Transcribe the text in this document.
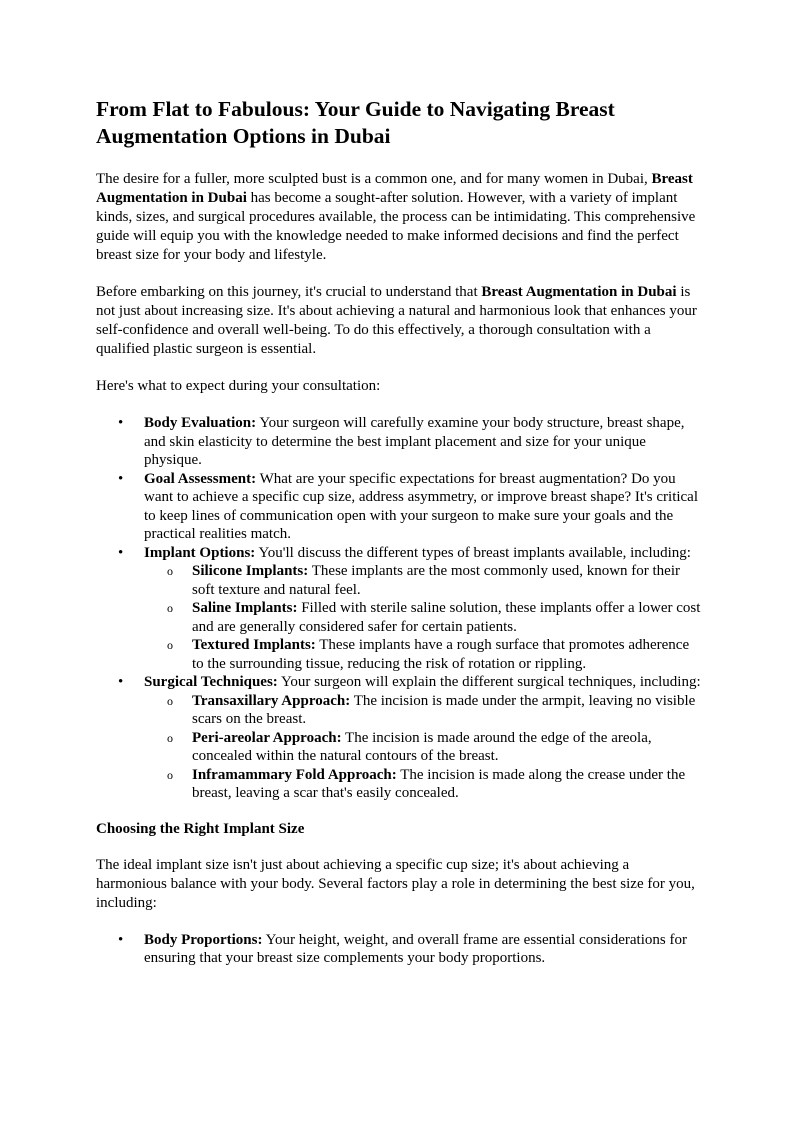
From Flat to Fabulous: Your Guide to Navigating Breast Augmentation Options in Dubai

The desire for a fuller, more sculpted bust is a common one, and for many women in Dubai, Breast Augmentation in Dubai has become a sought-after solution. However, with a variety of implant kinds, sizes, and surgical procedures available, the process can be intimidating. This comprehensive guide will equip you with the knowledge needed to make informed decisions and find the perfect breast size for your body and lifestyle.

Before embarking on this journey, it's crucial to understand that Breast Augmentation in Dubai is not just about increasing size. It's about achieving a natural and harmonious look that enhances your self-confidence and overall well-being. To do this effectively, a thorough consultation with a qualified plastic surgeon is essential.

Here's what to expect during your consultation:

• Body Evaluation: Your surgeon will carefully examine your body structure, breast shape, and skin elasticity to determine the best implant placement and size for your unique physique.
• Goal Assessment: What are your specific expectations for breast augmentation? Do you want to achieve a specific cup size, address asymmetry, or improve breast shape? It's critical to keep lines of communication open with your surgeon to make sure your goals and the practical realities match.
• Implant Options: You'll discuss the different types of breast implants available, including:
o Silicone Implants: These implants are the most commonly used, known for their soft texture and natural feel.
o Saline Implants: Filled with sterile saline solution, these implants offer a lower cost and are generally considered safer for certain patients.
o Textured Implants: These implants have a rough surface that promotes adherence to the surrounding tissue, reducing the risk of rotation or rippling.
• Surgical Techniques: Your surgeon will explain the different surgical techniques, including:
o Transaxillary Approach: The incision is made under the armpit, leaving no visible scars on the breast.
o Peri-areolar Approach: The incision is made around the edge of the areola, concealed within the natural contours of the breast.
o Inframammary Fold Approach: The incision is made along the crease under the breast, leaving a scar that's easily concealed.
Choosing the Right Implant Size

The ideal implant size isn't just about achieving a specific cup size; it's about achieving a harmonious balance with your body. Several factors play a role in determining the best size for you, including:

• Body Proportions: Your height, weight, and overall frame are essential considerations for ensuring that your breast size complements your body proportions.
